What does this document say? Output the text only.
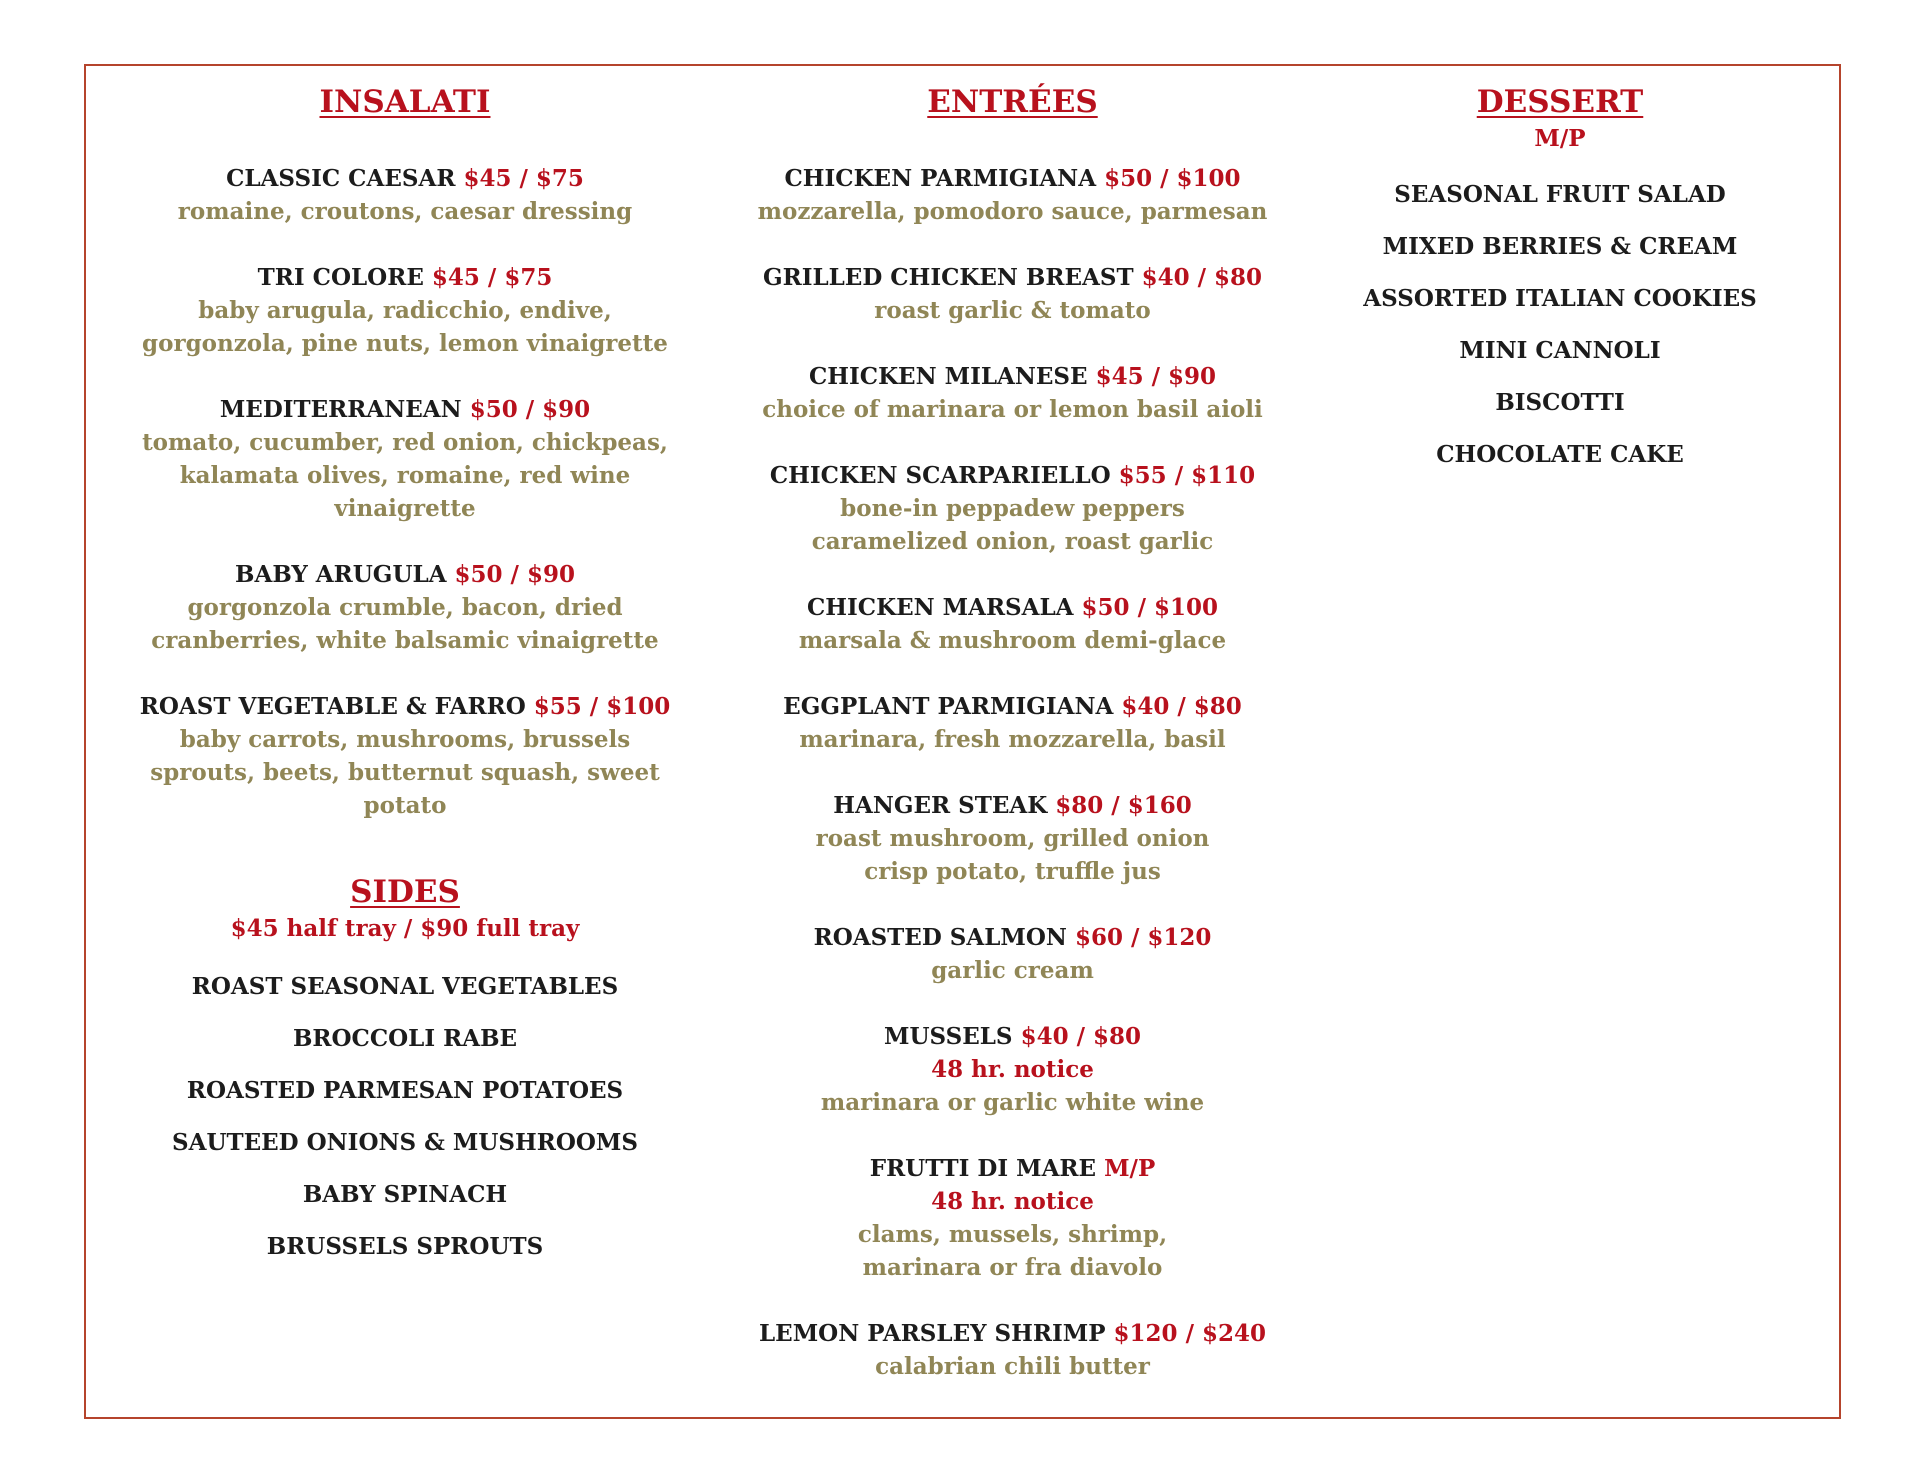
INSALATI
CLASSIC CAESAR $45 / $75
romaine, croutons, caesar dressing
TRI COLORE $45 / $75
baby arugula, radicchio, endive,
gorgonzola, pine nuts, lemon vinaigrette
MEDITERRANEAN $50 / $90
tomato, cucumber, red onion, chickpeas,
kalamata olives, romaine, red wine
vinaigrette
BABY ARUGULA $50 / $90
gorgonzola crumble, bacon, dried
cranberries, white balsamic vinaigrette
ROAST VEGETABLE & FARRO $55 / $100
baby carrots, mushrooms, brussels
sprouts, beets, butternut squash, sweet
potato
SIDES
$45 half tray / $90 full tray
ROAST SEASONAL VEGETABLES
BROCCOLI RABE
ROASTED PARMESAN POTATOES
SAUTEED ONIONS & MUSHROOMS
BABY SPINACH
BRUSSELS SPROUTS
ENTRÉES
CHICKEN PARMIGIANA $50 / $100
mozzarella, pomodoro sauce, parmesan
GRILLED CHICKEN BREAST $40 / $80
roast garlic & tomato
CHICKEN MILANESE $45 / $90
choice of marinara or lemon basil aioli
CHICKEN SCARPARIELLO $55 / $110
bone-in peppadew peppers
caramelized onion, roast garlic
CHICKEN MARSALA $50 / $100
marsala & mushroom demi-glace
EGGPLANT PARMIGIANA $40 / $80
marinara, fresh mozzarella, basil
HANGER STEAK $80 / $160
roast mushroom, grilled onion
crisp potato, truffle jus
ROASTED SALMON $60 / $120
garlic cream
MUSSELS $40 / $80
48 hr. notice
marinara or garlic white wine
FRUTTI DI MARE M/P
48 hr. notice
clams, mussels, shrimp,
marinara or fra diavolo
LEMON PARSLEY SHRIMP $120 / $240
calabrian chili butter
DESSERT
M/P
SEASONAL FRUIT SALAD
MIXED BERRIES & CREAM
ASSORTED ITALIAN COOKIES
MINI CANNOLI
BISCOTTI
CHOCOLATE CAKE
